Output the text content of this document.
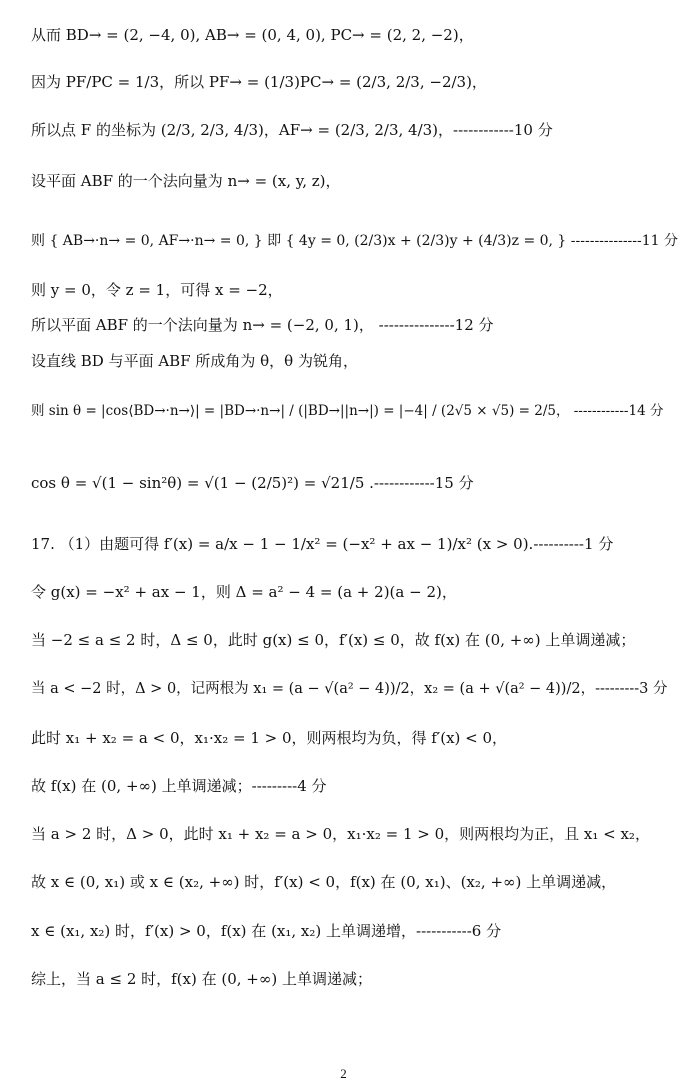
从而 BD→ = (2, −4, 0), AB→ = (0, 4, 0), PC→ = (2, 2, −2)，
因为 PF/PC = 1/3，所以 PF→ = (1/3)PC→ = (2/3, 2/3, −2/3)，
所以点 F 的坐标为 (2/3, 2/3, 4/3)，AF→ = (2/3, 2/3, 4/3)，------------10 分
设平面 ABF 的一个法向量为 n→ = (x, y, z)，
则 { AB→·n→ = 0, AF→·n→ = 0, } 即 { 4y = 0, (2/3)x + (2/3)y + (4/3)z = 0, } ---------------11 分
则 y = 0，令 z = 1，可得 x = −2，
所以平面 ABF 的一个法向量为 n→ = (−2, 0, 1)， ---------------12 分
设直线 BD 与平面 ABF 所成角为 θ，θ 为锐角，
则 sin θ = |cos⟨BD→·n→⟩| = |BD→·n→| / (|BD→||n→|) = |−4| / (2√5 × √5) = 2/5， ------------14 分
cos θ = √(1 − sin²θ) = √(1 − (2/5)²) = √21/5 .------------15 分
17. （1）由题可得 f′(x) = a/x − 1 − 1/x² = (−x² + ax − 1)/x² (x > 0).----------1 分
令 g(x) = −x² + ax − 1，则 Δ = a² − 4 = (a + 2)(a − 2)，
当 −2 ≤ a ≤ 2 时，Δ ≤ 0，此时 g(x) ≤ 0，f′(x) ≤ 0，故 f(x) 在 (0, +∞) 上单调递减；
当 a < −2 时，Δ > 0，记两根为 x₁ = (a − √(a² − 4))/2，x₂ = (a + √(a² − 4))/2，---------3 分
此时 x₁ + x₂ = a < 0，x₁·x₂ = 1 > 0，则两根均为负，得 f′(x) < 0，
故 f(x) 在 (0, +∞) 上单调递减；---------4 分
当 a > 2 时，Δ > 0，此时 x₁ + x₂ = a > 0，x₁·x₂ = 1 > 0，则两根均为正，且 x₁ < x₂，
故 x ∈ (0, x₁) 或 x ∈ (x₂, +∞) 时，f′(x) < 0，f(x) 在 (0, x₁)、(x₂, +∞) 上单调递减，
x ∈ (x₁, x₂) 时，f′(x) > 0，f(x) 在 (x₁, x₂) 上单调递增，-----------6 分
综上，当 a ≤ 2 时，f(x) 在 (0, +∞) 上单调递减；
2
